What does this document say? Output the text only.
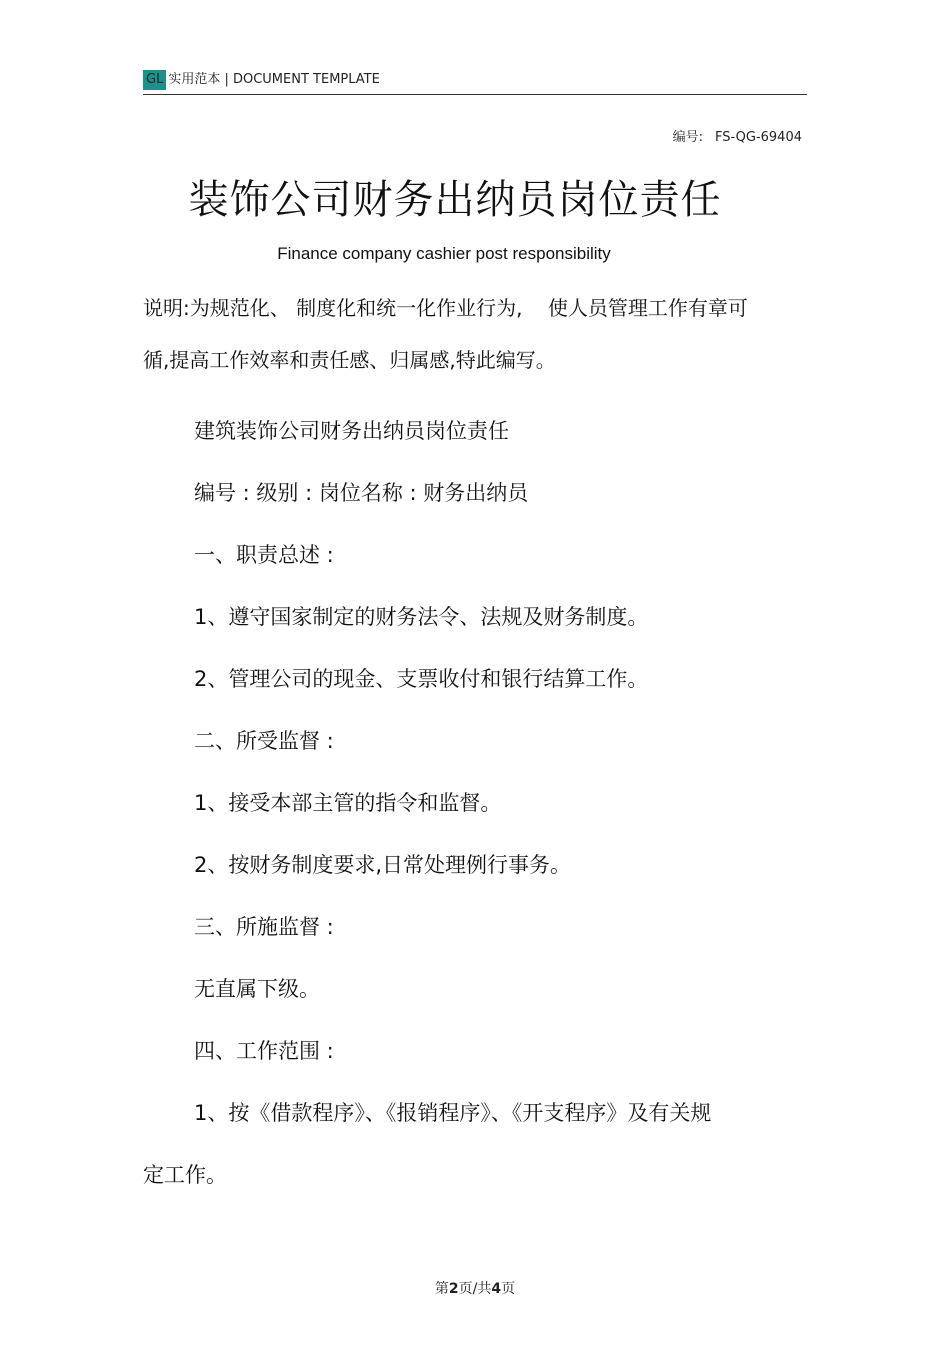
GL 实用范本 | DOCUMENT TEMPLATE
编号: FS-QG-69404
装饰公司财务出纳员岗位责任
Finance company cashier post responsibility

说明:为规范化、 制度化和统一化作业行为,    使人员管理工作有章可

循,提高工作效率和责任感、归属感,特此编写。

建筑装饰公司财务出纳员岗位责任

编号 : 级别 : 岗位名称 : 财务出纳员

一、职责总述 :

1、遵守国家制定的财务法令、法规及财务制度。

2、管理公司的现金、支票收付和银行结算工作。

二、所受监督 :

1、接受本部主管的指令和监督。

2、按财务制度要求,日常处理例行事务。

三、所施监督 :

无直属下级。

四、工作范围 :

1、按《借款程序》、《报销程序》、《开支程序》及有关规

定工作。

第2页/共4页
